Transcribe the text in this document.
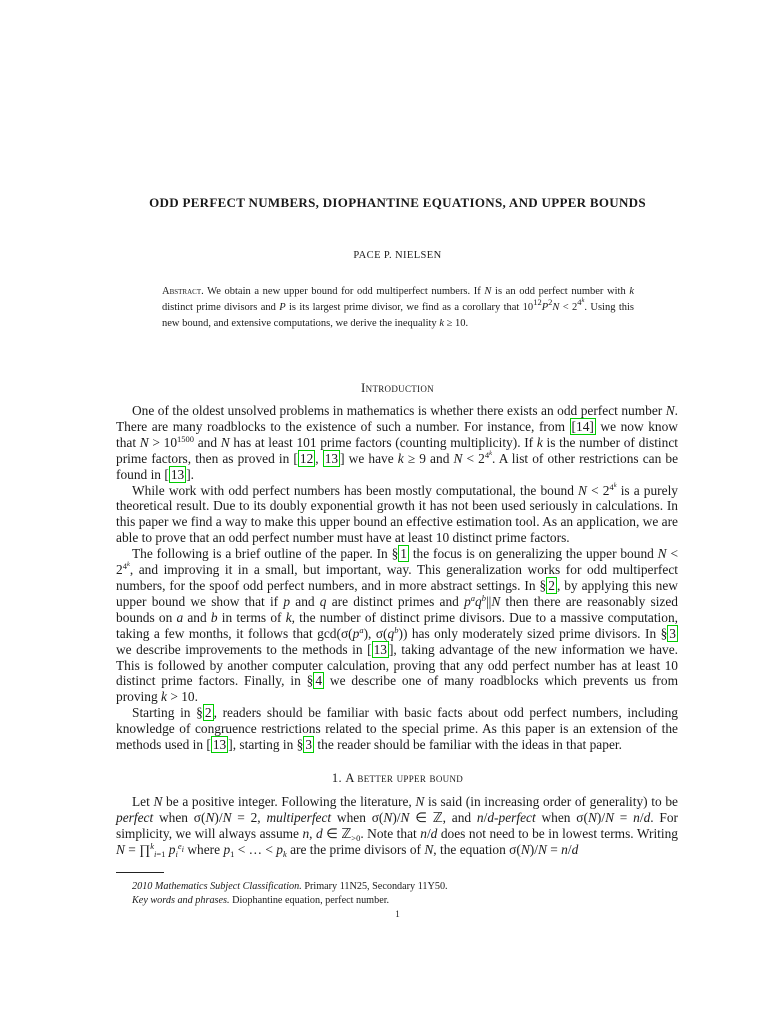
ODD PERFECT NUMBERS, DIOPHANTINE EQUATIONS, AND UPPER BOUNDS
PACE P. NIELSEN
Abstract. We obtain a new upper bound for odd multiperfect numbers. If N is an odd perfect number with k distinct prime divisors and P is its largest prime divisor, we find as a corollary that $10^{12}P^2N < 2^{4^k}$. Using this new bound, and extensive computations, we derive the inequality k ≥ 10.
Introduction

One of the oldest unsolved problems in mathematics is whether there exists an odd perfect number N. There are many roadblocks to the existence of such a number. For instance, from [14] we now know that $N > 10^{1500}$ and N has at least 101 prime factors (counting multiplicity). If k is the number of distinct prime factors, then as proved in [ 12 , 13 ] we have k ≥ 9 and $N < 2^{4^k}$. A list of other restrictions can be found in [ 13 ].

While work with odd perfect numbers has been mostly computational, the bound $N < 2^{4^k}$ is a purely theoretical result. Due to its doubly exponential growth it has not been used seriously in calculations. In this paper we find a way to make this upper bound an effective estimation tool. As an application, we are able to prove that an odd perfect number must have at least 10 distinct prime factors.

The following is a brief outline of the paper. In § 1 the focus is on generalizing the upper bound $N < 2^{4^k}$, and improving it in a small, but important, way. This generalization works for odd multiperfect numbers, for the spoof odd perfect numbers, and in more abstract settings. In § 2 , by applying this new upper bound we show that if p and q are distinct primes and $p^aq^b||N$ then there are reasonably sized bounds on a and b in terms of k, the number of distinct prime divisors. Due to a massive computation, taking a few months, it follows that $\gcd(\sigma(p^a)$, $\sigma(q^b)$) has only moderately sized prime divisors. In § 3 we describe improvements to the methods in [ 13 ], taking advantage of the new information we have. This is followed by another computer calculation, proving that any odd perfect number has at least 10 distinct prime factors. Finally, in § 4 we describe one of many roadblocks which prevents us from proving k > 10.

Starting in § 2 , readers should be familiar with basic facts about odd perfect numbers, including knowledge of congruence restrictions related to the special prime. As this paper is an extension of the methods used in [ 13 ], starting in § 3 the reader should be familiar with the ideas in that paper.

1. A better upper bound

Let N be a positive integer. Following the literature, N is said (in increasing order of generality) to be perfect when σ(N)/N = 2, multiperfect when σ(N)/N ∈ ℤ, and n/d-perfect when σ(N)/N = n/d. For simplicity, we will always assume n, d ∈ ℤ$_{>0}$. Note that n/d does not need to be in lowest terms. Writing N = ∏$^k_{i=1}$ $p_i^{e_i}$ where $p_1$ < … < $p_k$ are the prime divisors of N, the equation σ(N)/N = n/d

2010 Mathematics Subject Classification. Primary 11N25, Secondary 11Y50.
Key words and phrases. Diophantine equation, perfect number.
1
